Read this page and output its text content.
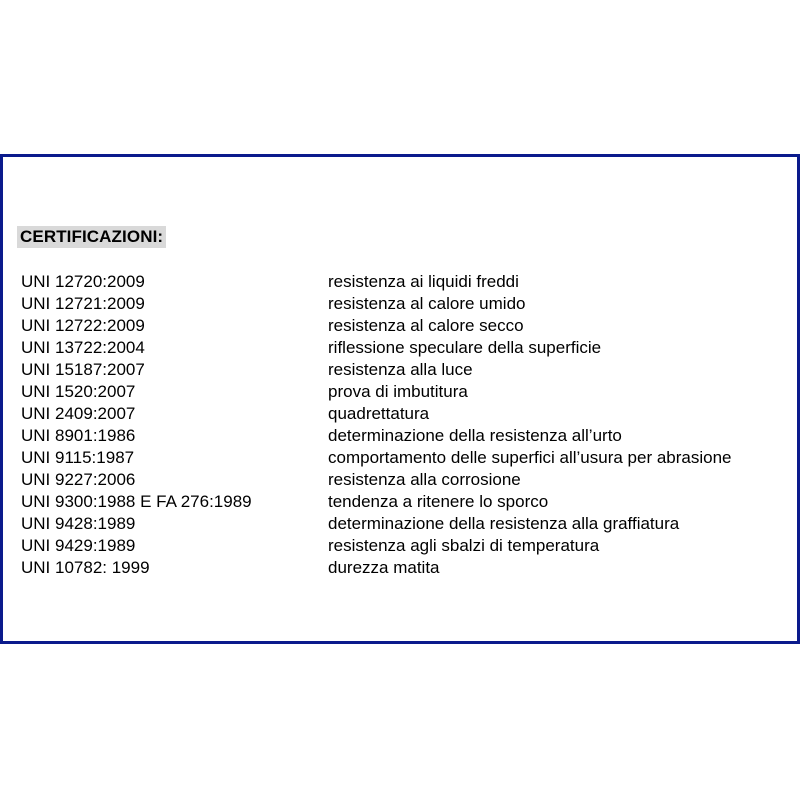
CERTIFICAZIONI:
UNI 12720:2009	resistenza ai liquidi freddi
UNI 12721:2009	resistenza al calore umido
UNI 12722:2009	resistenza al calore secco
UNI 13722:2004	riflessione speculare della superficie
UNI 15187:2007	resistenza alla luce
UNI 1520:2007	prova di imbutitura
UNI 2409:2007	quadrettatura
UNI 8901:1986	determinazione della resistenza all’urto
UNI 9115:1987	comportamento delle superfici all’usura per abrasione
UNI 9227:2006	resistenza alla corrosione
UNI 9300:1988 E FA 276:1989	tendenza a ritenere lo sporco
UNI 9428:1989	determinazione della resistenza alla graffiatura
UNI 9429:1989	resistenza agli sbalzi di temperatura
UNI 10782: 1999	durezza matita
